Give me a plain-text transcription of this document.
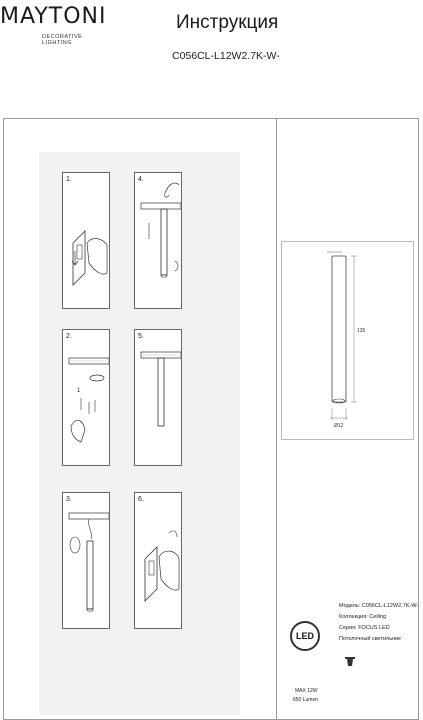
MAYTONI
DECORATIVE LIGHTING
Инструкция
C056CL-L12W2.7K-W-
1.
2.
1
3.
4.
5.
6.
135
Ø12
Модель: C056CL-L12W2.7K-W-
Коллекция: Ceiling
Серия: FOCUS LED
Потолочный светильник
LED
MAX 12W
650 Lumen
